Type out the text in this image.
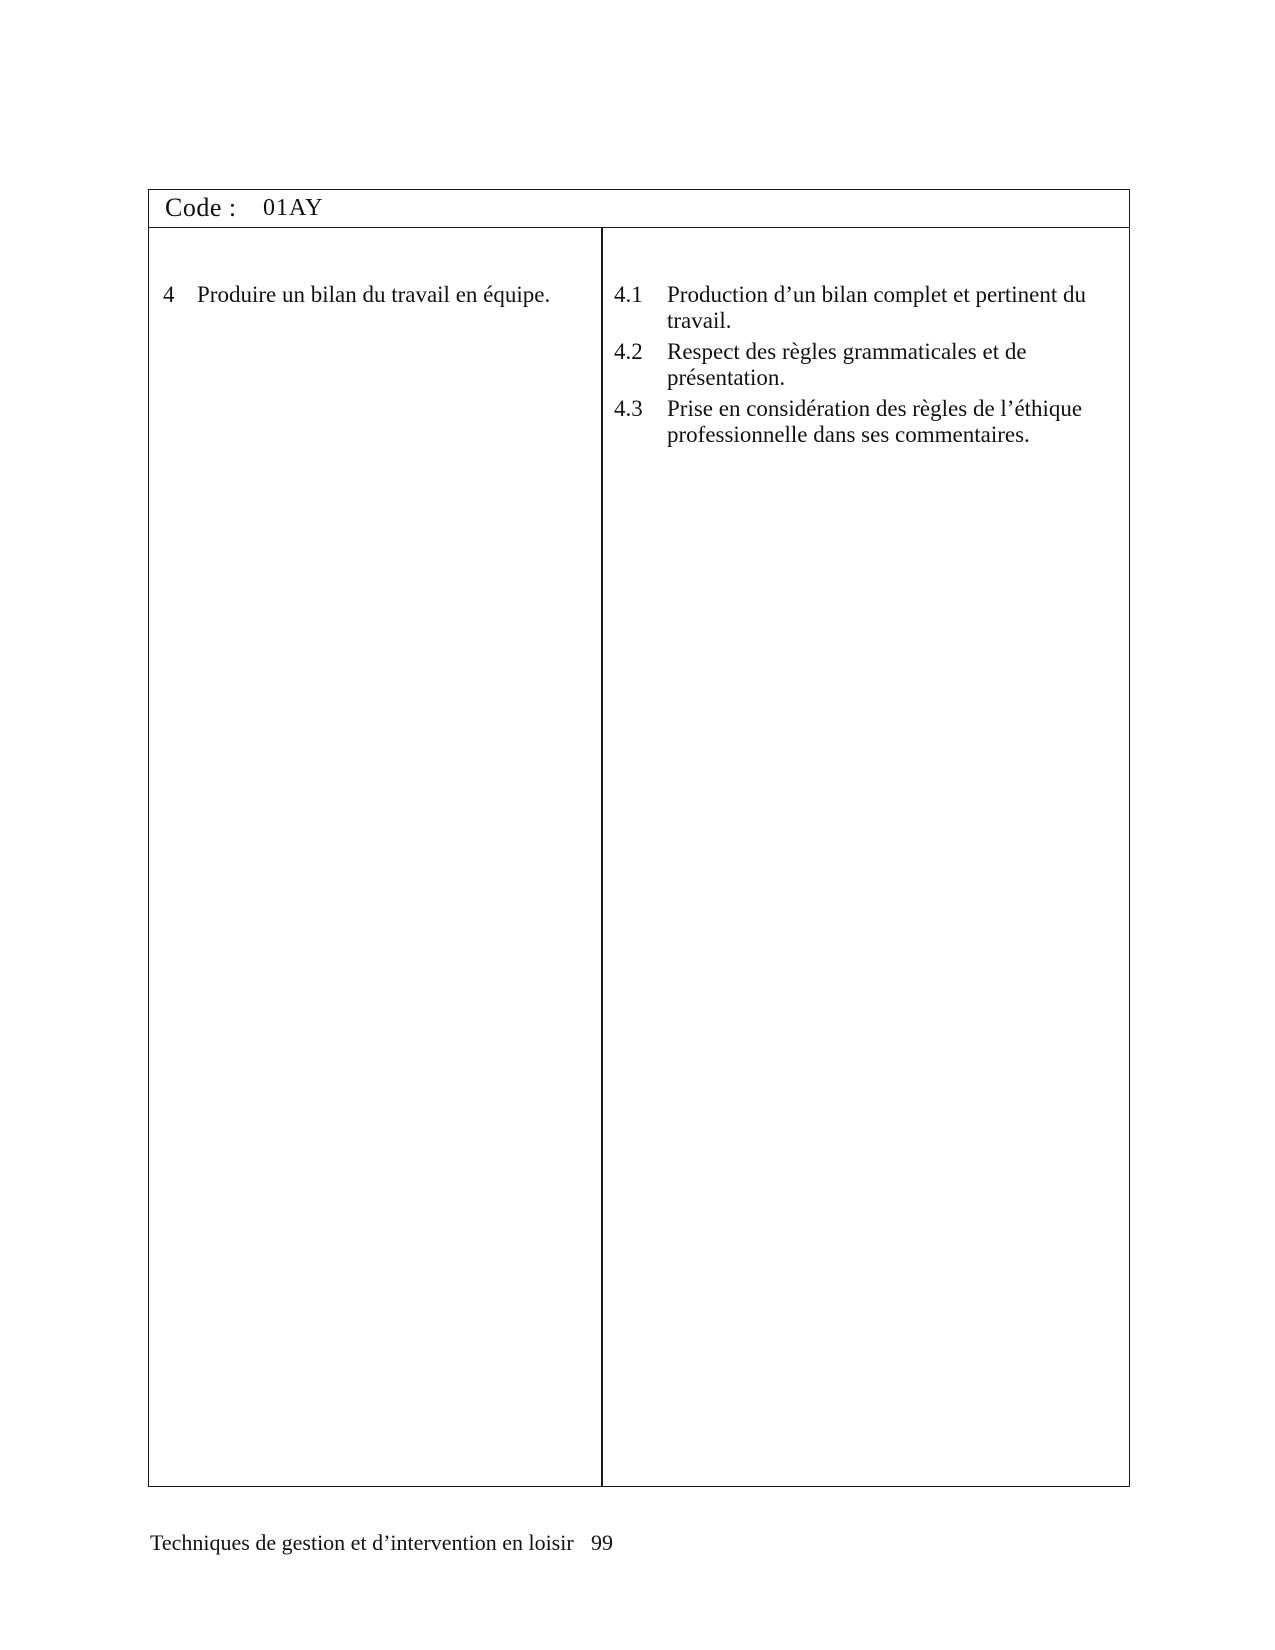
Code : 01AY
4 Produire un bilan du travail en équipe.	4.1 Production d’un bilan complet et pertinent du travail.
4.2 Respect des règles grammaticales et de présentation.
4.3 Prise en considération des règles de l’éthique professionnelle dans ses commentaires.
Techniques de gestion et d’intervention en loisir 99
